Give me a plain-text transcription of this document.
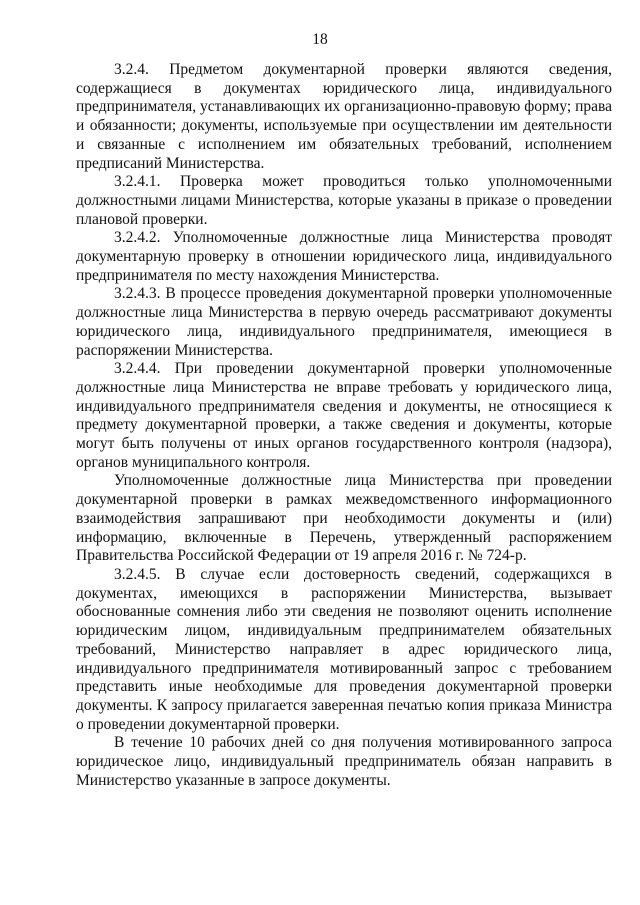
18

3.2.4. Предметом документарной проверки являются сведения, содержащиеся в документах юридического лица, индивидуального предпринимателя, устанавливающих их организационно-правовую форму; права и обязанности; документы, используемые при осуществлении им деятельности и связанные с исполнением им обязательных требований, исполнением предписаний Министерства.

3.2.4.1. Проверка может проводиться только уполномоченными должностными лицами Министерства, которые указаны в приказе о проведении плановой проверки.

3.2.4.2. Уполномоченные должностные лица Министерства проводят документарную проверку в отношении юридического лица, индивидуального предпринимателя по месту нахождения Министерства.

3.2.4.3. В процессе проведения документарной проверки уполномоченные должностные лица Министерства в первую очередь рассматривают документы юридического лица, индивидуального предпринимателя, имеющиеся в распоряжении Министерства.

3.2.4.4. При проведении документарной проверки уполномоченные должностные лица Министерства не вправе требовать у юридического лица, индивидуального предпринимателя сведения и документы, не относящиеся к предмету документарной проверки, а также сведения и документы, которые могут быть получены от иных органов государственного контроля (надзора), органов муниципального контроля.

Уполномоченные должностные лица Министерства при проведении документарной проверки в рамках межведомственного информационного взаимодействия запрашивают при необходимости документы и (или) информацию, включенные в Перечень, утвержденный распоряжением Правительства Российской Федерации от 19 апреля 2016 г. № 724-р.

3.2.4.5. В случае если достоверность сведений, содержащихся в документах, имеющихся в распоряжении Министерства, вызывает обоснованные сомнения либо эти сведения не позволяют оценить исполнение юридическим лицом, индивидуальным предпринимателем обязательных требований, Министерство направляет в адрес юридического лица, индивидуального предпринимателя мотивированный запрос с требованием представить иные необходимые для проведения документарной проверки документы. К запросу прилагается заверенная печатью копия приказа Министра о проведении документарной проверки.

В течение 10 рабочих дней со дня получения мотивированного запроса юридическое лицо, индивидуальный предприниматель обязан направить в Министерство указанные в запросе документы.
